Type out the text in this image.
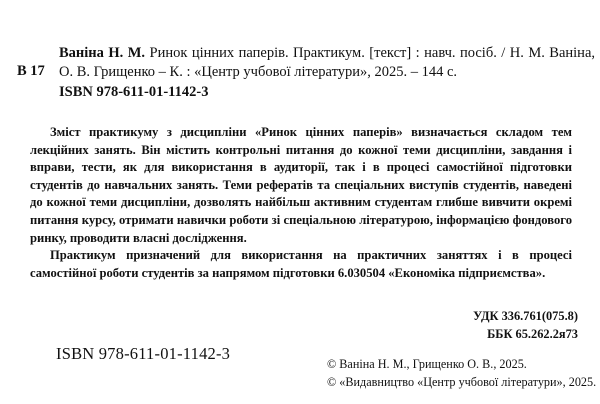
В 17
Ваніна Н. М. Ринок цінних паперів. Практикум. [текст] : навч. посіб. / Н. М. Ваніна, О. В. Грищенко – К. : «Центр учбової літератури», 2025. – 144 с.
ISBN 978-611-01-1142-3

Зміст практикуму з дисципліни «Ринок цінних паперів» визначається складом тем лекційних занять. Він містить контрольні питання до кожної теми дисципліни, завдання і вправи, тести, як для використання в аудиторії, так і в процесі самостійної підготовки студентів до навчальних занять. Теми рефератів та спеціальних виступів студентів, наведені до кожної теми дисципліни, дозволять найбільш активним студентам глибше вивчити окремі питання курсу, отримати навички роботи зі спеціальною літературою, інформацією фондового ринку, проводити власні дослідження.

Практикум призначений для використання на практичних заняттях і в процесі самостійної роботи студентів за напрямом підготовки 6.030504 «Економіка підприємства».

УДК 336.761(075.8)
ББК 65.262.2я73
ISBN 978-611-01-1142-3
© Ваніна Н. М., Грищенко О. В., 2025.
© «Видавництво «Центр учбової літератури», 2025.
